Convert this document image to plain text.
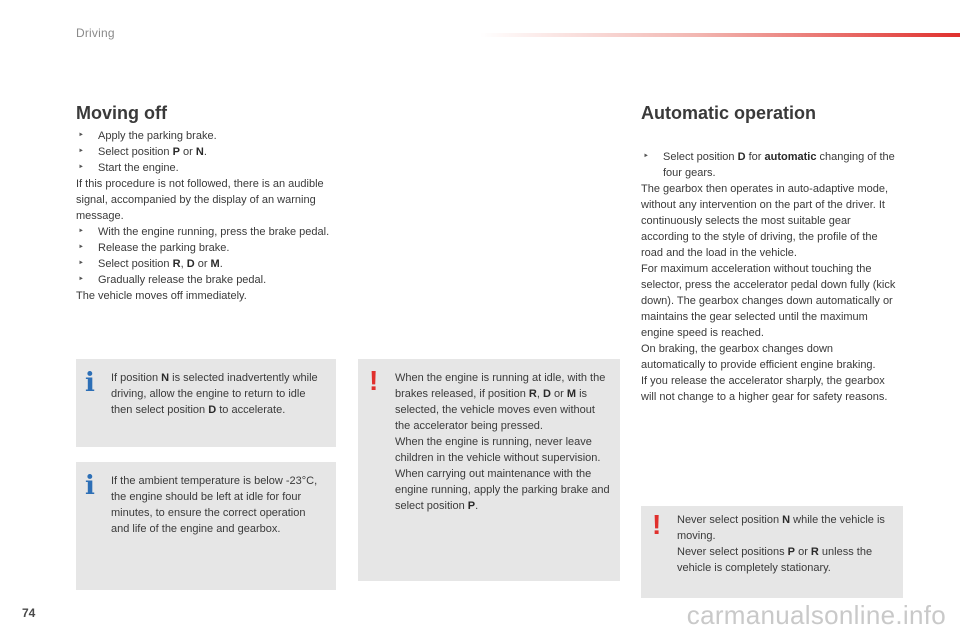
Driving
Moving off

‣ Apply the parking brake.

‣ Select position P or N.

‣ Start the engine.

If this procedure is not followed, there is an audible signal, accompanied by the display of an warning message.

‣ With the engine running, press the brake pedal.

‣ Release the parking brake.

‣ Select position R, D or M.

‣ Gradually release the brake pedal.

The vehicle moves off immediately.

i If position N is selected inadvertently while driving, allow the engine to return to idle then select position D to accelerate.

i If the ambient temperature is below -23°C, the engine should be left at idle for four minutes, to ensure the correct operation and life of the engine and gearbox.

! When the engine is running at idle, with the brakes released, if position R, D or M is selected, the vehicle moves even without the accelerator being pressed.

When the engine is running, never leave children in the vehicle without supervision.

When carrying out maintenance with the engine running, apply the parking brake and select position P.

Automatic operation

‣ Select position D for automatic changing of the four gears.

The gearbox then operates in auto-adaptive mode, without any intervention on the part of the driver. It continuously selects the most suitable gear according to the style of driving, the profile of the road and the load in the vehicle.

For maximum acceleration without touching the selector, press the accelerator pedal down fully (kick down). The gearbox changes down automatically or maintains the gear selected until the maximum engine speed is reached.

On braking, the gearbox changes down automatically to provide efficient engine braking.

If you release the accelerator sharply, the gearbox will not change to a higher gear for safety reasons.

! Never select position N while the vehicle is moving.

Never select positions P or R unless the vehicle is completely stationary.

74	carmanualsonline.info
